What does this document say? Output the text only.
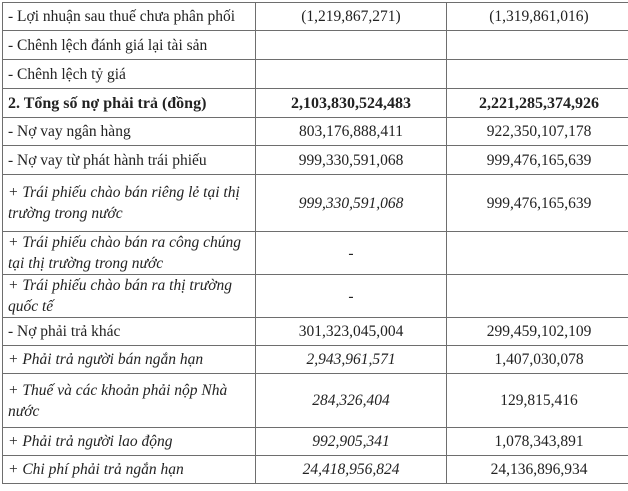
- Lợi nhuận sau thuế chưa phân phối	(1,219,867,271)	(1,319,861,016)
- Chênh lệch đánh giá lại tài sản		
- Chênh lệch tỷ giá		
2. Tổng số nợ phải trả (đồng)	2,103,830,524,483	2,221,285,374,926
- Nợ vay ngân hàng	803,176,888,411	922,350,107,178
- Nợ vay từ phát hành trái phiếu	999,330,591,068	999,476,165,639
+ Trái phiếu chào bán riêng lẻ tại thị trường trong nước	999,330,591,068	999,476,165,639
+ Trái phiếu chào bán ra công chúng tại thị trường trong nước	-	
+ Trái phiếu chào bán ra thị trường quốc tế	-	
- Nợ phải trả khác	301,323,045,004	299,459,102,109
+ Phải trả người bán ngắn hạn	2,943,961,571	1,407,030,078
+ Thuế và các khoản phải nộp Nhà nước	284,326,404	129,815,416
+ Phải trả người lao động	992,905,341	1,078,343,891
+ Chi phí phải trả ngắn hạn	24,418,956,824	24,136,896,934
